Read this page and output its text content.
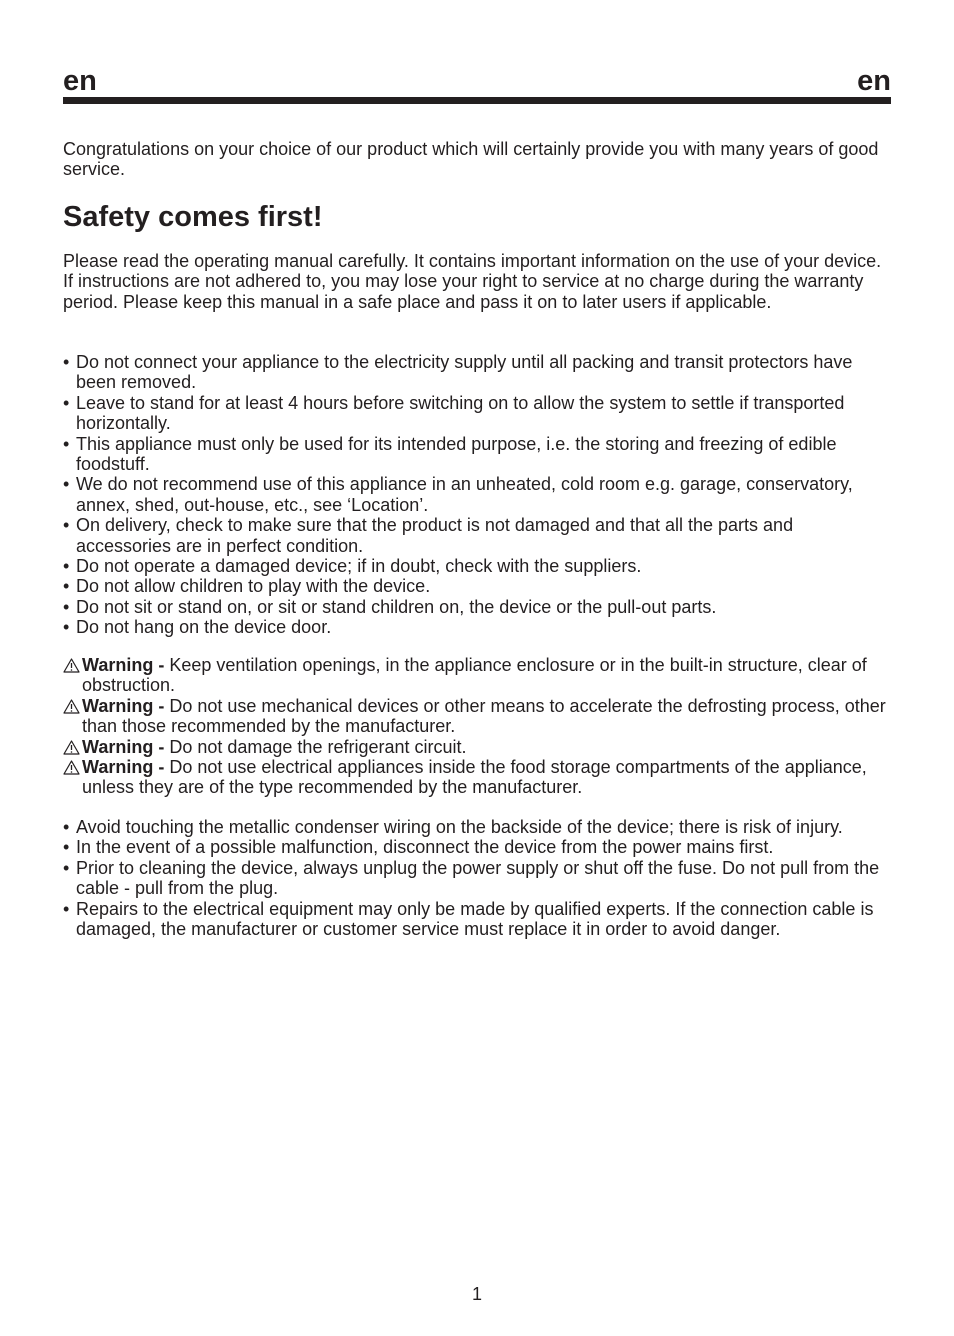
en	en

Congratulations on your choice of our product which will certainly provide you with many years of good service.

Safety comes first!

Please read the operating manual carefully. It contains important information on the use of your device. If instructions are not adhered to, you may lose your right to service at no charge during the warranty period. Please keep this manual in a safe place and pass it on to later users if applicable.

• Do not connect your appliance to the electricity supply until all packing and transit protectors have been removed.
• Leave to stand for at least 4 hours before switching on to allow the system to settle if transported horizontally.
• This appliance must only be used for its intended purpose, i.e. the storing and freezing of edible foodstuff.
• We do not recommend use of this appliance in an unheated, cold room e.g. garage, conservatory, annex, shed, out-house, etc., see ‘Location’.
• On delivery, check to make sure that the product is not damaged and that all the parts and accessories are in perfect condition.
• Do not operate a damaged device; if in doubt, check with the suppliers.
• Do not allow children to play with the device.
• Do not sit or stand on, or sit or stand children on, the device or the pull-out parts.
• Do not hang on the device door.
Warning - Keep ventilation openings, in the appliance enclosure or in the built-in structure, clear of obstruction.
Warning - Do not use mechanical devices or other means to accelerate the defrosting process, other than those recommended by the manufacturer.
Warning - Do not damage the refrigerant circuit.
Warning - Do not use electrical appliances inside the food storage compartments of the appliance, unless they are of the type recommended by the manufacturer.
• Avoid touching the metallic condenser wiring on the backside of the device; there is risk of injury.
• In the event of a possible malfunction, disconnect the device from the power mains first.
• Prior to cleaning the device, always unplug the power supply or shut off the fuse. Do not pull from the cable - pull from the plug.
• Repairs to the electrical equipment may only be made by qualified experts. If the connection cable is damaged, the manufacturer or customer service must replace it in order to avoid danger.
1
